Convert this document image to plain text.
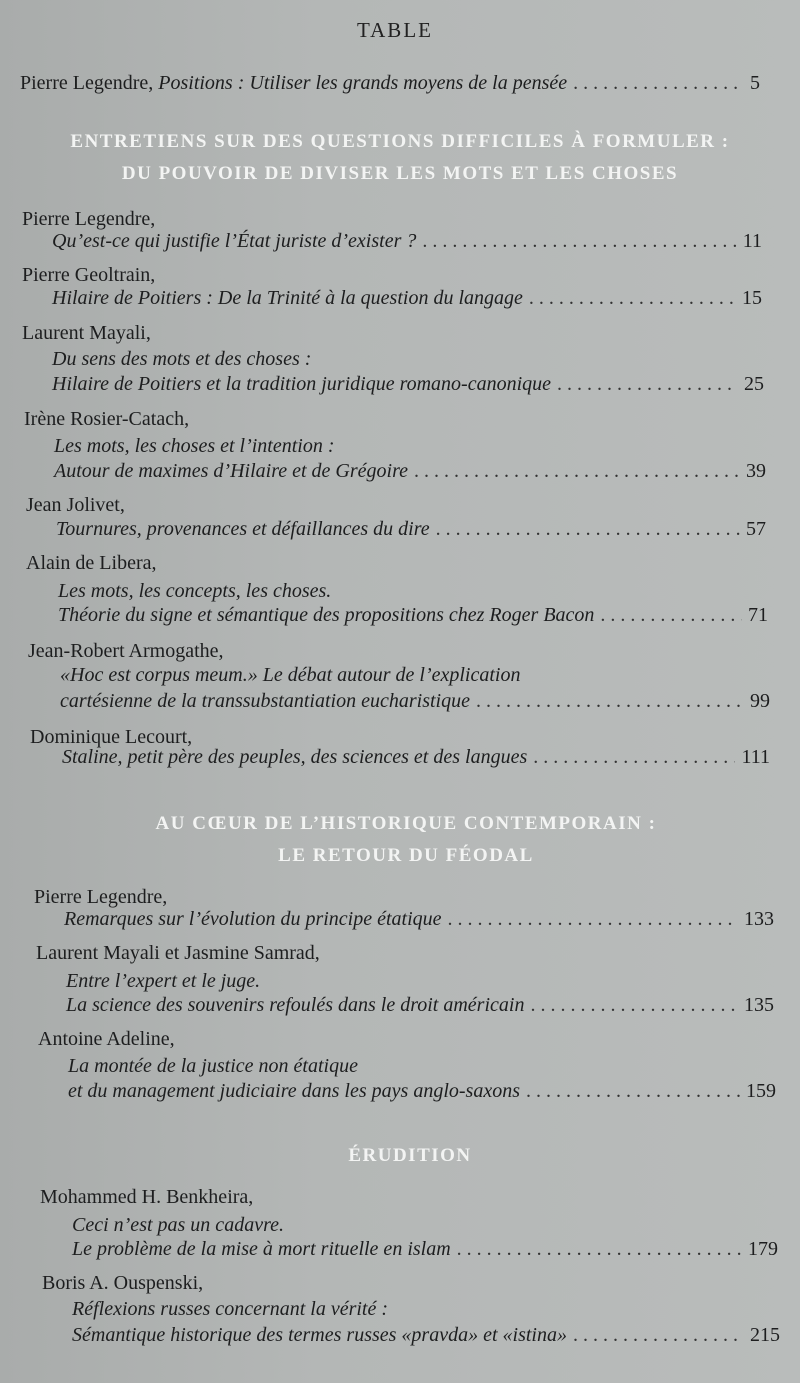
TABLE
Pierre Legendre, Positions : Utiliser les grands moyens de la pensée . . .	5
ENTRETIENS SUR DES QUESTIONS DIFFICILES À FORMULER :
DU POUVOIR DE DIVISER LES MOTS ET LES CHOSES
Pierre Legendre,
Qu’est-ce qui justifie l’État juriste d’exister ? . . .	11
Pierre Geoltrain,
Hilaire de Poitiers : De la Trinité à la question du langage . . .	15
Laurent Mayali,
Du sens des mots et des choses :
Hilaire de Poitiers et la tradition juridique romano-canonique . . .	25
Irène Rosier-Catach,
Les mots, les choses et l’intention :
Autour de maximes d’Hilaire et de Grégoire . . .	39
Jean Jolivet,
Tournures, provenances et défaillances du dire . . .	57
Alain de Libera,
Les mots, les concepts, les choses.
Théorie du signe et sémantique des propositions chez Roger Bacon . . .	71
Jean-Robert Armogathe,
«Hoc est corpus meum.» Le débat autour de l’explication
cartésienne de la transsubstantiation eucharistique . . .	99
Dominique Lecourt,
Staline, petit père des peuples, des sciences et des langues . . .	111
AU CŒUR DE L’HISTORIQUE CONTEMPORAIN :
LE RETOUR DU FÉODAL
Pierre Legendre,
Remarques sur l’évolution du principe étatique . . .	133
Laurent Mayali et Jasmine Samrad,
Entre l’expert et le juge.
La science des souvenirs refoulés dans le droit américain . . .	135
Antoine Adeline,
La montée de la justice non étatique
et du management judiciaire dans les pays anglo-saxons . . .	159
ÉRUDITION
Mohammed H. Benkheira,
Ceci n’est pas un cadavre.
Le problème de la mise à mort rituelle en islam . . .	179
Boris A. Ouspenski,
Réflexions russes concernant la vérité :
Sémantique historique des termes russes «pravda» et «istina» . . .	215
